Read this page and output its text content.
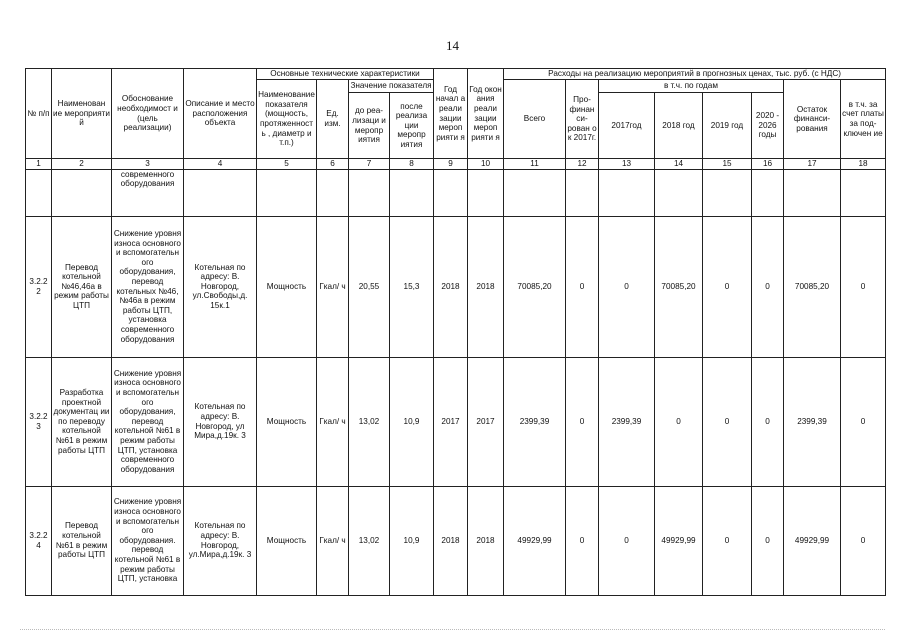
14
№ п/п	Наименован ие мероприяти й	Обоснование необходимост и (цель реализации)	Описание и место расположения объекта	Основные технические характеристики				Год начал а реали зации мероп рияти я	Год окон ания реали зации мероп рияти я	Расходы на реализацию мероприятий в прогнозных ценах, тыс. руб. (с НДС)							
				Наименование показателя (мощность, протяженность , диаметр и т.п.)	Ед. изм.	Значение показателя				Всего	Про- финан си- рован о к 2017г.	в т.ч. по годам				Остаток финанси- рования	в т.ч. за счет платы за под- ключен ие
						до реа- лизаци и меропр иятия	после реализа ции меропр иятия					2017год	2018 год	2019 год	2020 - 2026 годы		
1	2	3	4	5	6	7	8	9	10	11	12	13	14	15	16	17	18
		современного оборудования															
3.2.2 2	Перевод котельной №46,46а в режим работы ЦТП	Снижение уровня износа основного и вспомогательн ого оборудования, перевод котельных №46, №46а в режим работы ЦТП, установка современного оборудования	Котельная по адресу: В. Новгород, ул.Свободы,д. 15к.1	Мощность	Гкал/ ч	20,55	15,3	2018	2018	70085,20	0	0	70085,20	0	0	70085,20	0
3.2.2 3	Разработка проектной документац ии по переводу котельной №61 в режим работы ЦТП	Снижение уровня износа основного и вспомогательн ого оборудования, перевод котельной №61 в режим работы ЦТП, установка современного оборудования	Котельная по адресу: В. Новгород, ул Мира,д.19к. 3	Мощность	Гкал/ ч	13,02	10,9	2017	2017	2399,39	0	2399,39	0	0	0	2399,39	0
3.2.2 4	Перевод котельной №61 в режим работы ЦТП	Снижение уровня износа основного и вспомогательн ого оборудования. перевод котельной №61 в режим работы ЦТП, установка	Котельная по адресу: В. Новгород, ул.Мира,д.19к. 3	Мощность	Гкал/ ч	13,02	10,9	2018	2018	49929,99	0	0	49929,99	0	0	49929,99	0
